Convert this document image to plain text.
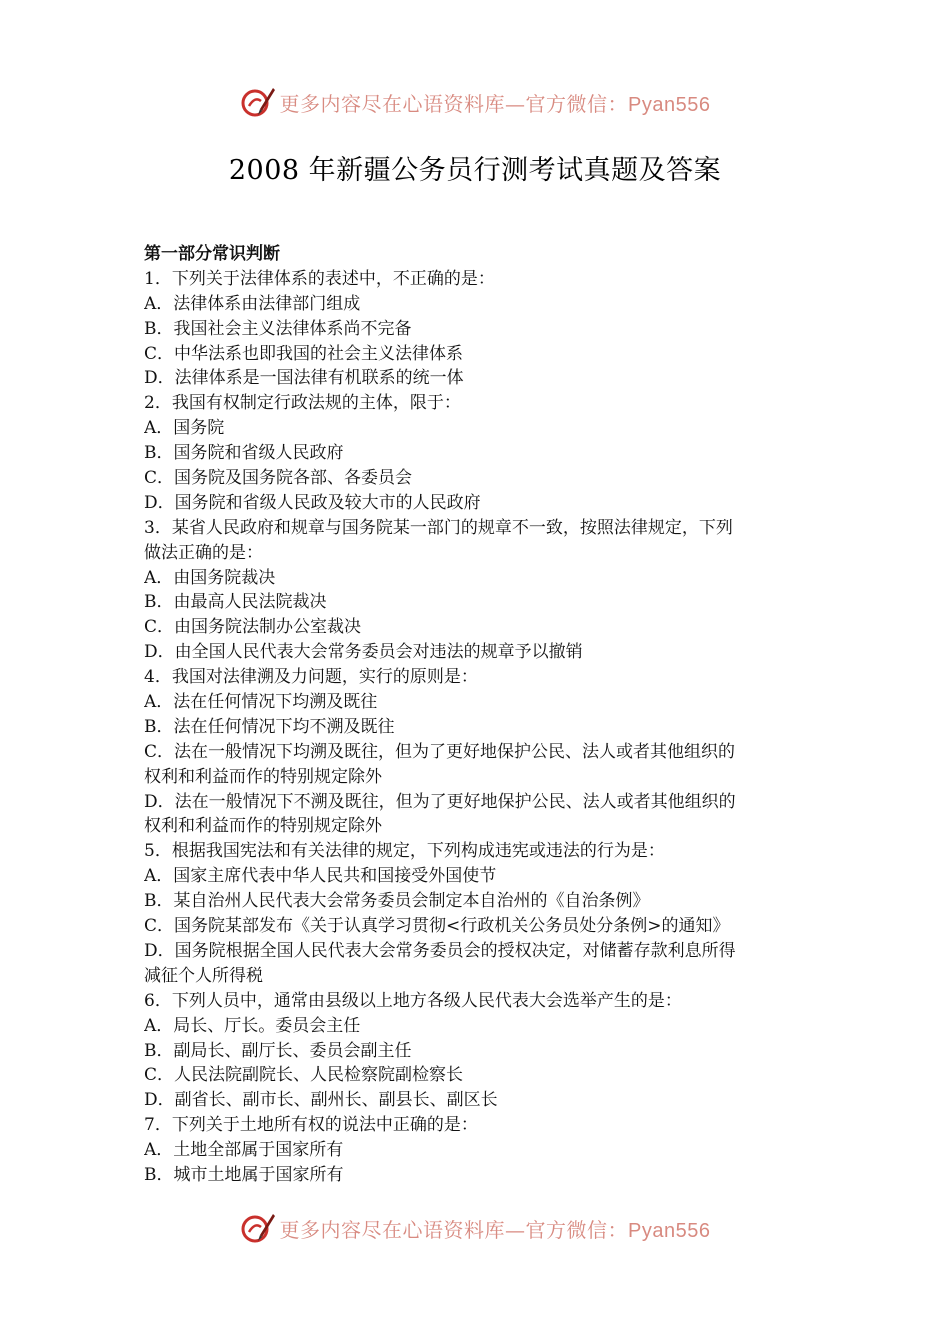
更多内容尽在心语资料库—官方微信：Pyan556
2008 年新疆公务员行测考试真题及答案
第一部分常识判断
1．下列关于法律体系的表述中，不正确的是：
A．法律体系由法律部门组成
B．我国社会主义法律体系尚不完备
C．中华法系也即我国的社会主义法律体系
D．法律体系是一国法律有机联系的统一体
2．我国有权制定行政法规的主体，限于：
A．国务院
B．国务院和省级人民政府
C．国务院及国务院各部、各委员会
D．国务院和省级人民政及较大市的人民政府
3．某省人民政府和规章与国务院某一部门的规章不一致，按照法律规定，下列
做法正确的是：
A．由国务院裁决
B．由最高人民法院裁决
C．由国务院法制办公室裁决
D．由全国人民代表大会常务委员会对违法的规章予以撤销
4．我国对法律溯及力问题，实行的原则是：
A．法在任何情况下均溯及既往
B．法在任何情况下均不溯及既往
C．法在一般情况下均溯及既往，但为了更好地保护公民、法人或者其他组织的
权利和利益而作的特别规定除外
D．法在一般情况下不溯及既往，但为了更好地保护公民、法人或者其他组织的
权利和利益而作的特别规定除外
5．根据我国宪法和有关法律的规定，下列构成违宪或违法的行为是：
A．国家主席代表中华人民共和国接受外国使节
B．某自治州人民代表大会常务委员会制定本自治州的《自治条例》
C．国务院某部发布《关于认真学习贯彻<行政机关公务员处分条例>的通知》
D．国务院根据全国人民代表大会常务委员会的授权决定，对储蓄存款利息所得
减征个人所得税
6．下列人员中，通常由县级以上地方各级人民代表大会选举产生的是：
A．局长、厅长。委员会主任
B．副局长、副厅长、委员会副主任
C．人民法院副院长、人民检察院副检察长
D．副省长、副市长、副州长、副县长、副区长
7．下列关于土地所有权的说法中正确的是：
A．土地全部属于国家所有
B．城市土地属于国家所有
更多内容尽在心语资料库—官方微信：Pyan556
